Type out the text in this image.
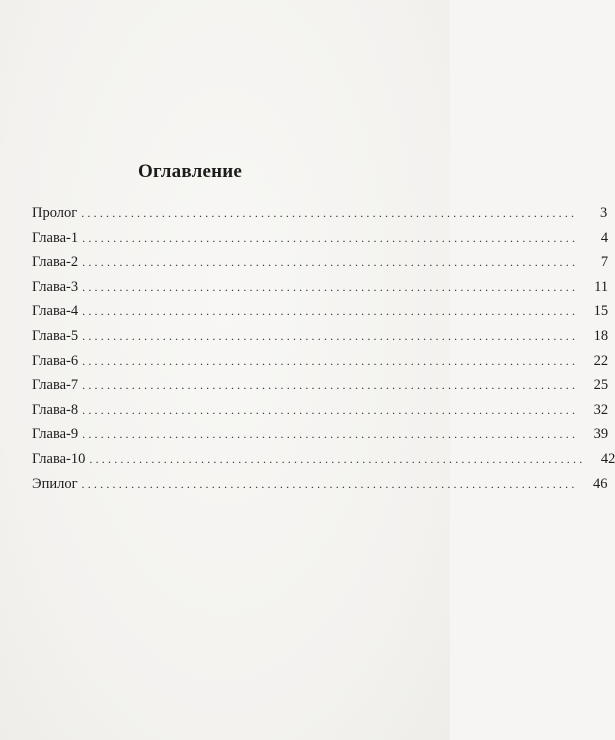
Оглавление
Пролог ................................................................................	3
Глава-1 ................................................................................	4
Глава-2 ................................................................................	7
Глава-3 ................................................................................	11
Глава-4 ................................................................................	15
Глава-5 ................................................................................	18
Глава-6 ................................................................................	22
Глава-7 ................................................................................	25
Глава-8 ................................................................................	32
Глава-9 ................................................................................	39
Глава-10 ................................................................................	42
Эпилог ................................................................................	46
